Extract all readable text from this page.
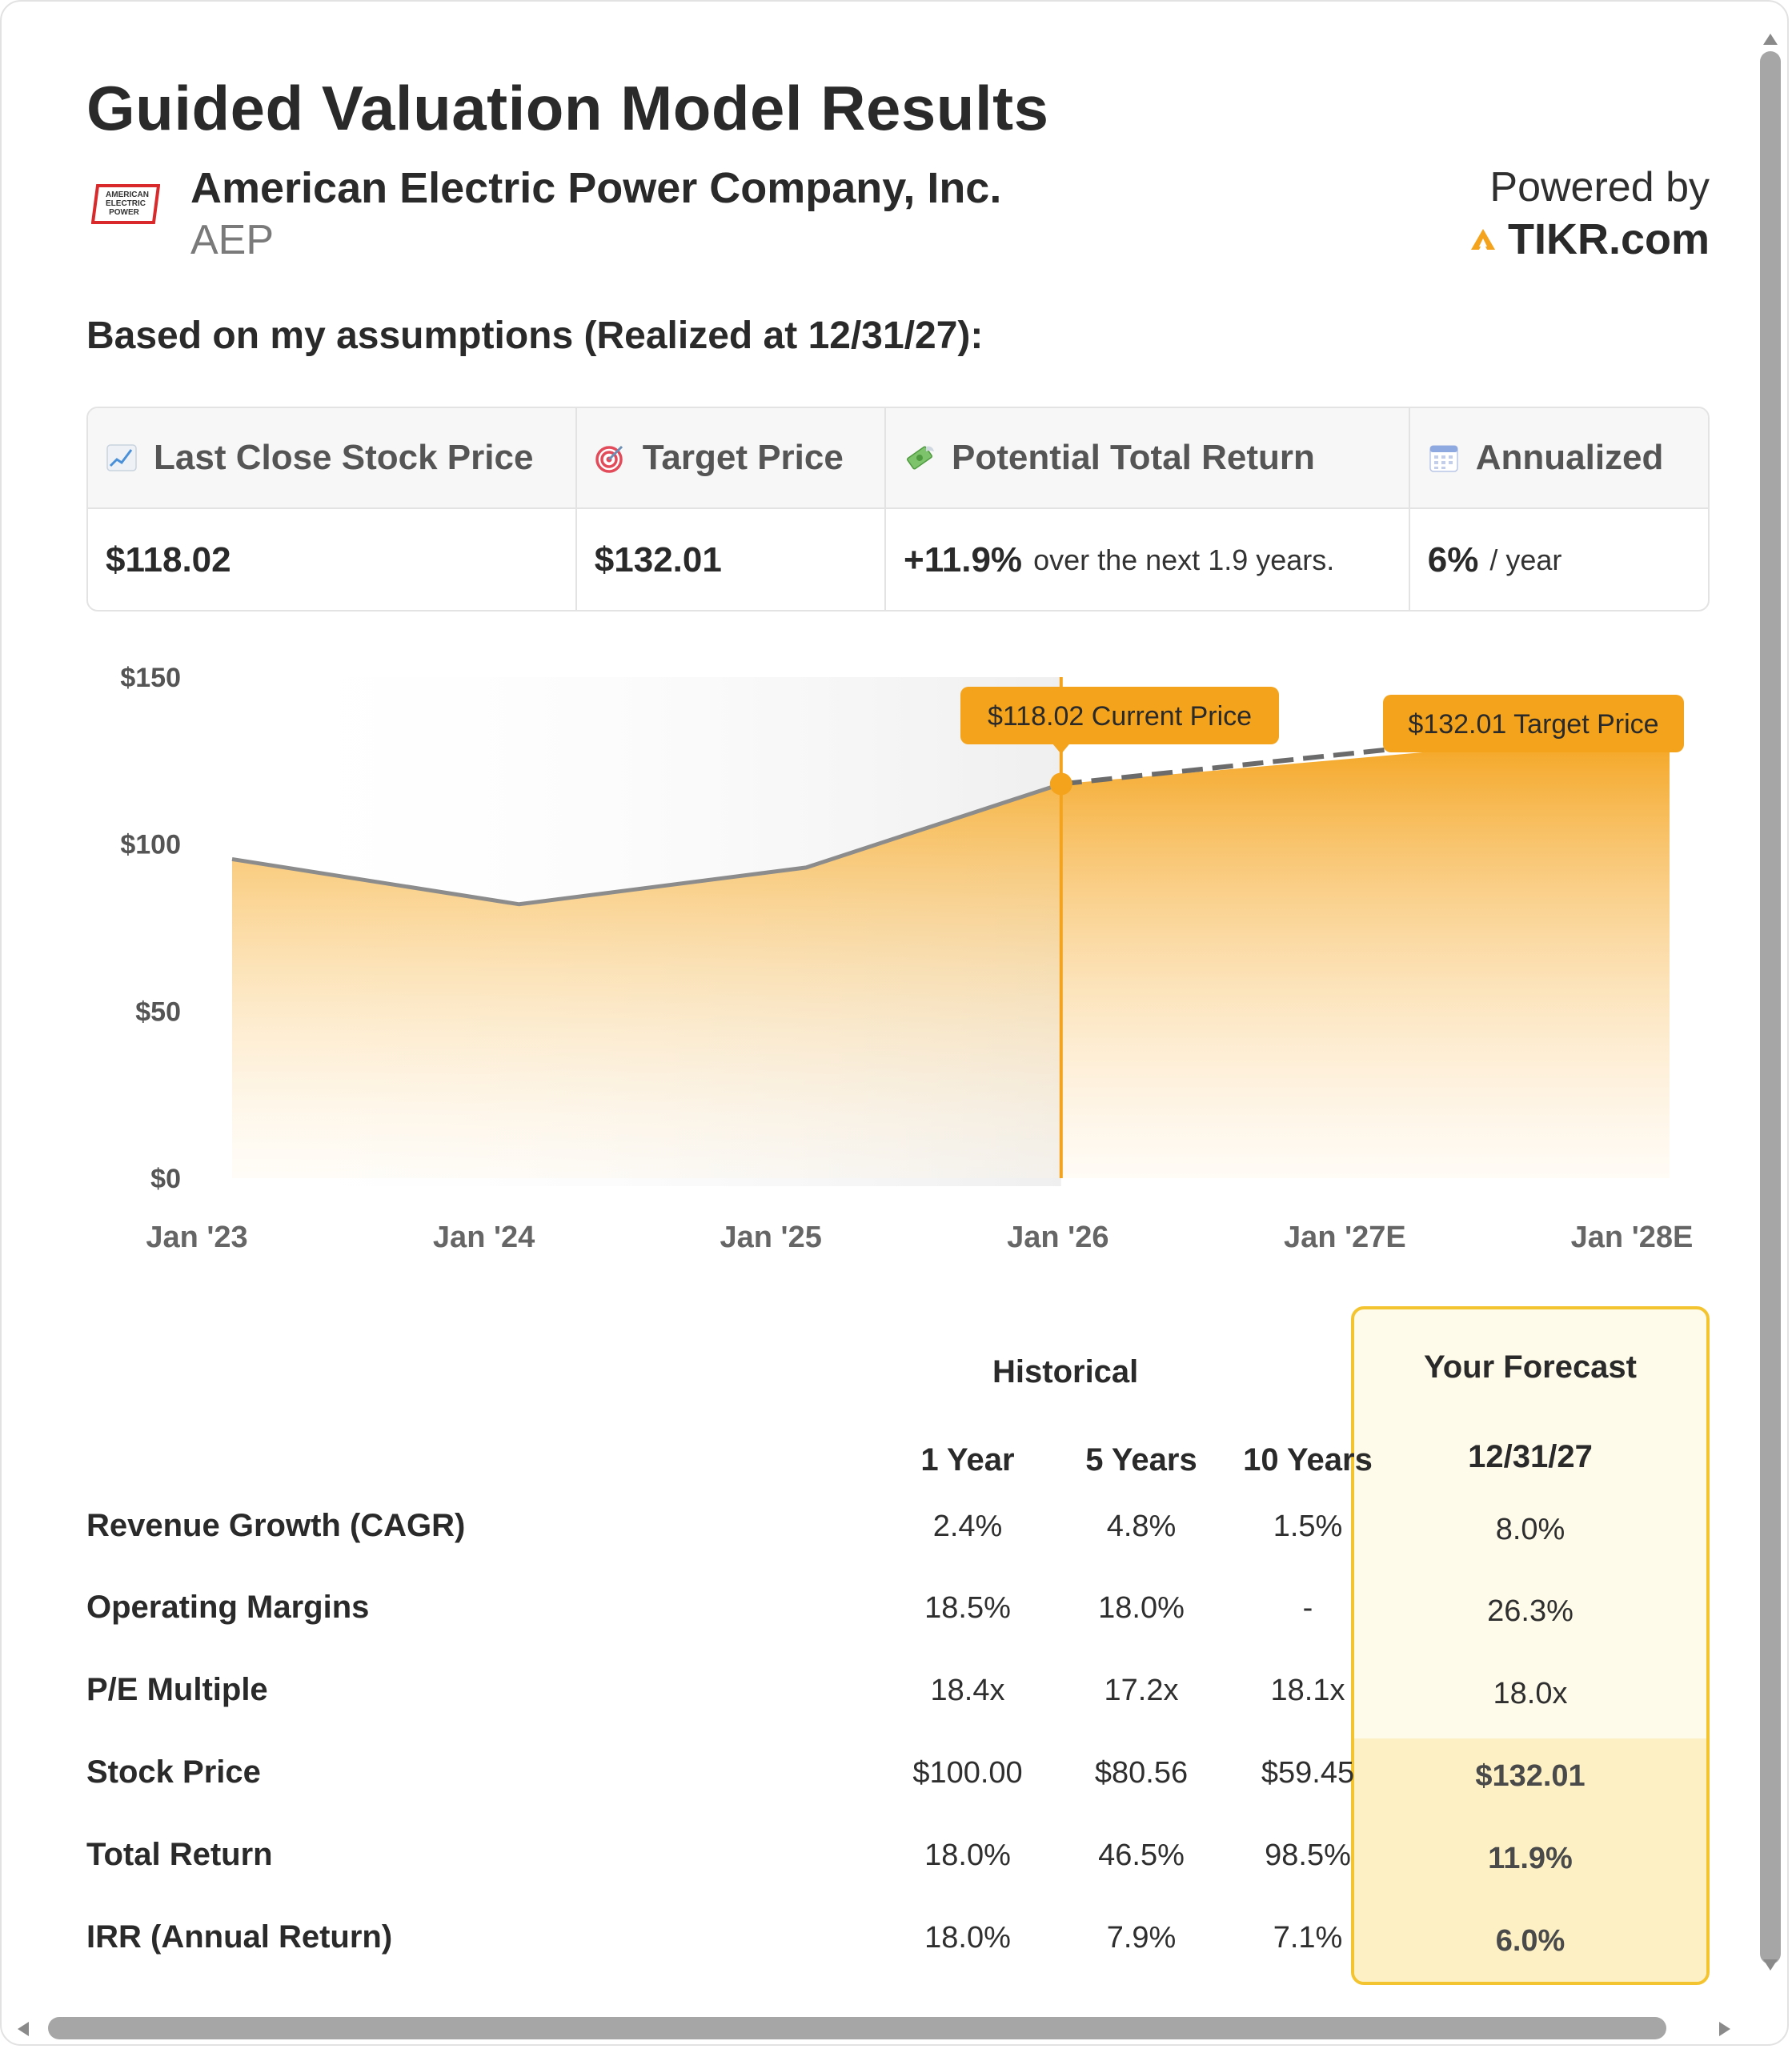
Guided Valuation Model Results
AMERICAN
ELECTRIC
POWER
American Electric Power Company, Inc.
AEP
Powered by
TIKR.com
Based on my assumptions (Realized at 12/31/27):
Last Close Stock Price	Target Price	Potential Total Return	Annualized
$118.02	$132.01	+11.9% over the next 1.9 years.	6% / year
$150
$100
$50
$0
Jan '23	Jan '24	Jan '25	Jan '26	Jan '27E	Jan '28E
$118.02 Current Price	$132.01 Target Price
Your Forecast
12/31/27
Historical
1 Year	5 Years	10 Years
Revenue Growth (CAGR)	2.4%	4.8%	1.5%	8.0%
Operating Margins	18.5%	18.0%	-	26.3%
P/E Multiple	18.4x	17.2x	18.1x	18.0x
Stock Price	$100.00	$80.56	$59.45	$132.01
Total Return	18.0%	46.5%	98.5%	11.9%
IRR (Annual Return)	18.0%	7.9%	7.1%	6.0%
